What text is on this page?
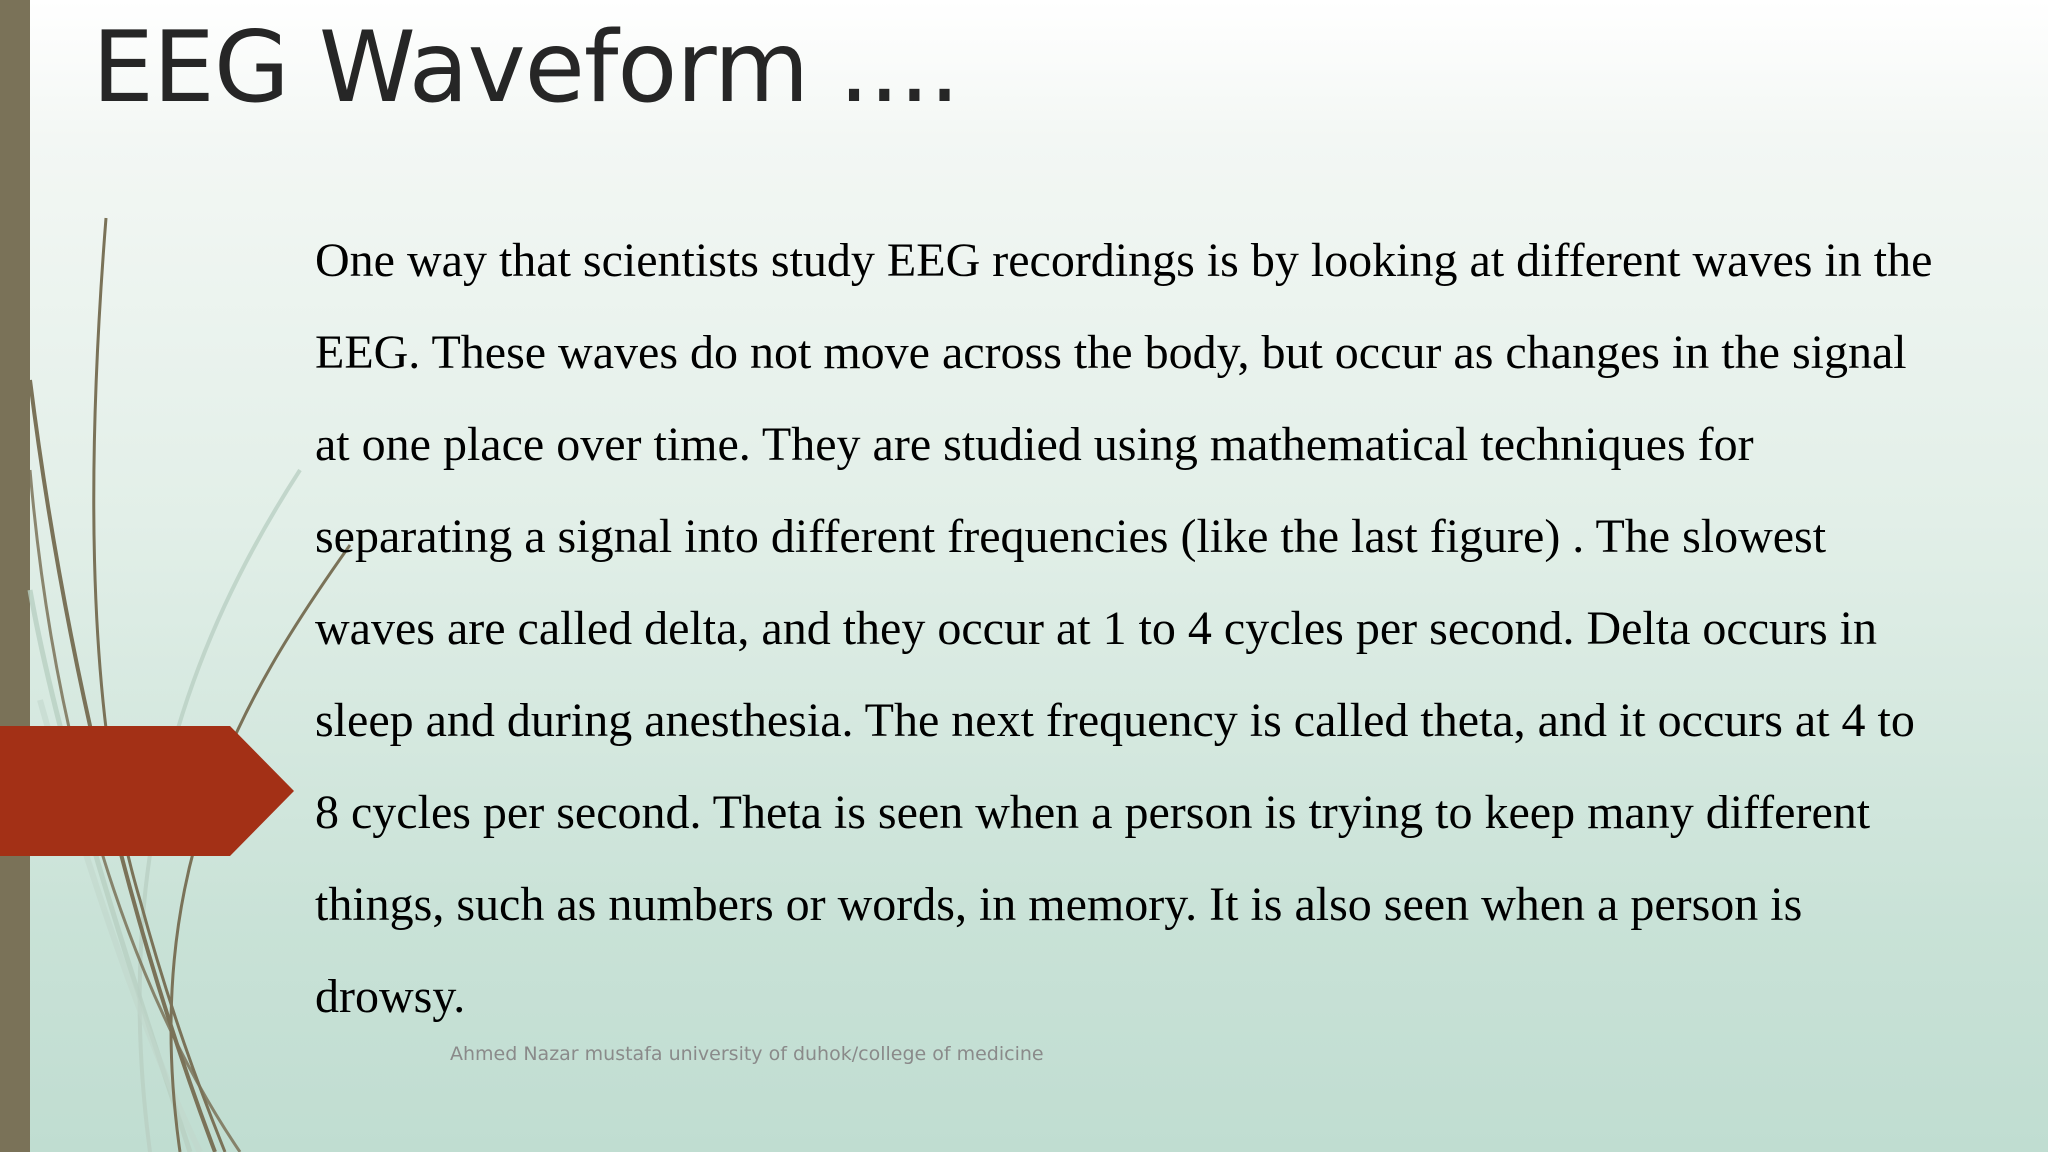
EEG Waveform ....

One way that scientists study EEG recordings is by looking at different waves in the
EEG. These waves do not move across the body, but occur as changes in the signal
at one place over time. They are studied using mathematical techniques for
separating a signal into different frequencies (like the last figure) . The slowest
waves are called delta, and they occur at 1 to 4 cycles per second. Delta occurs in
sleep and during anesthesia. The next frequency is called theta, and it occurs at 4 to
8 cycles per second. Theta is seen when a person is trying to keep many different
things, such as numbers or words, in memory. It is also seen when a person is
drowsy.

Ahmed Nazar mustafa university of duhok/college of medicine
